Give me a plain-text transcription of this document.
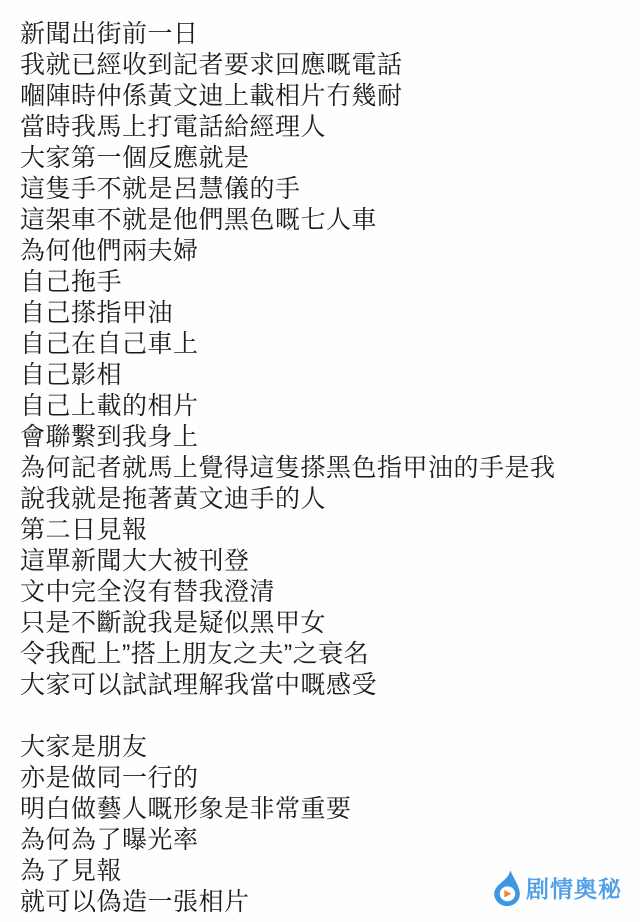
新聞出街前一日
我就已經收到記者要求回應嘅電話
嗰陣時仲係黃文迪上載相片冇幾耐
當時我馬上打電話給經理人
大家第一個反應就是
這隻手不就是呂慧儀的手
這架車不就是他們黑色嘅七人車
為何他們兩夫婦
自己拖手
自己搽指甲油
自己在自己車上
自己影相
自己上載的相片
會聯繫到我身上
為何記者就馬上覺得這隻搽黑色指甲油的手是我
說我就是拖著黃文迪手的人
第二日見報
這單新聞大大被刊登
文中完全沒有替我澄清
只是不斷說我是疑似黑甲女
令我配上”搭上朋友之夫”之衰名
大家可以試試理解我當中嘅感受
大家是朋友
亦是做同一行的
明白做藝人嘅形象是非常重要
為何為了曝光率
為了見報
就可以偽造一張相片	剧情奥秘
